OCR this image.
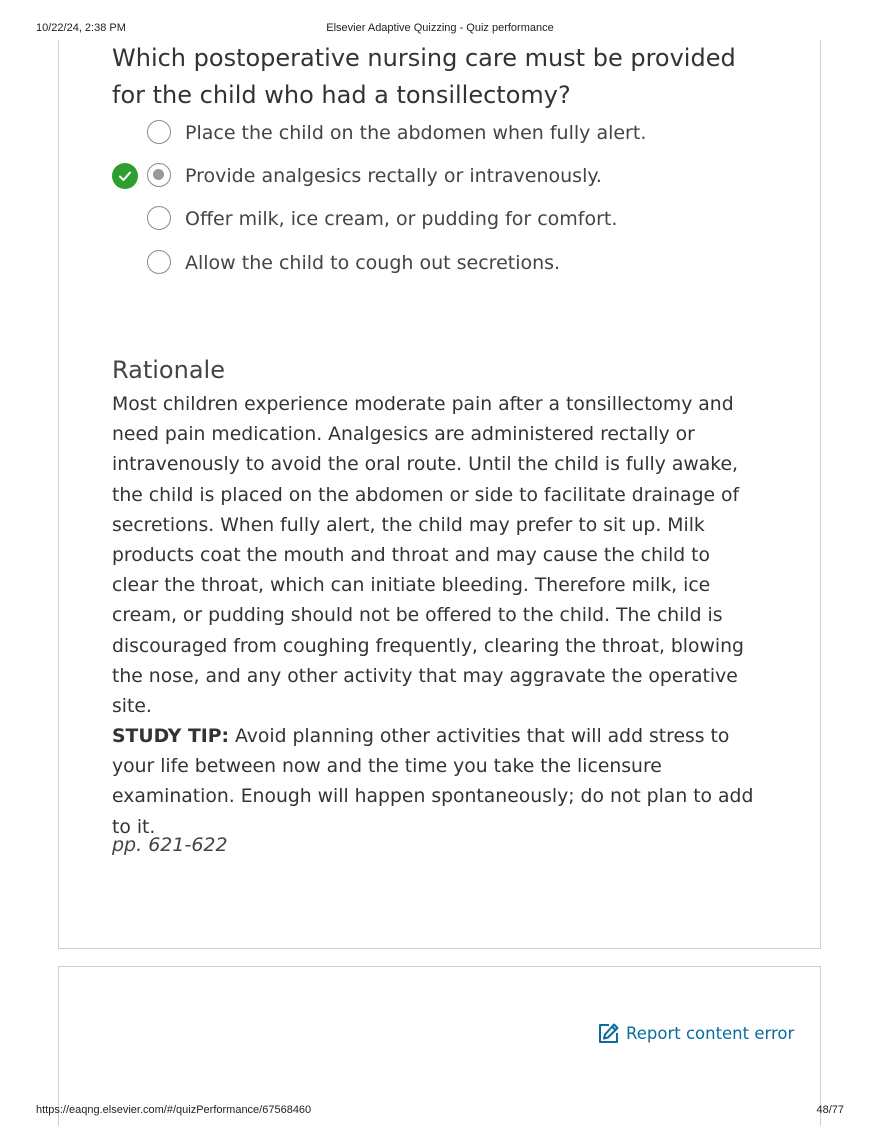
10/22/24, 2:38 PM	Elsevier Adaptive Quizzing - Quiz performance
Which postoperative nursing care must be provided for the child who had a tonsillectomy?
Place the child on the abdomen when fully alert.
Provide analgesics rectally or intravenously.
Offer milk, ice cream, or pudding for comfort.
Allow the child to cough out secretions.
Rationale
Most children experience moderate pain after a tonsillectomy and need pain medication. Analgesics are administered rectally or intravenously to avoid the oral route. Until the child is fully awake, the child is placed on the abdomen or side to facilitate drainage of secretions. When fully alert, the child may prefer to sit up. Milk products coat the mouth and throat and may cause the child to clear the throat, which can initiate bleeding. Therefore milk, ice cream, or pudding should not be offered to the child. The child is discouraged from coughing frequently, clearing the throat, blowing the nose, and any other activity that may aggravate the operative site.
STUDY TIP: Avoid planning other activities that will add stress to your life between now and the time you take the licensure examination. Enough will happen spontaneously; do not plan to add to it.
pp. 621-622
Report content error
https://eaqng.elsevier.com/#/quizPerformance/67568460	48/77
